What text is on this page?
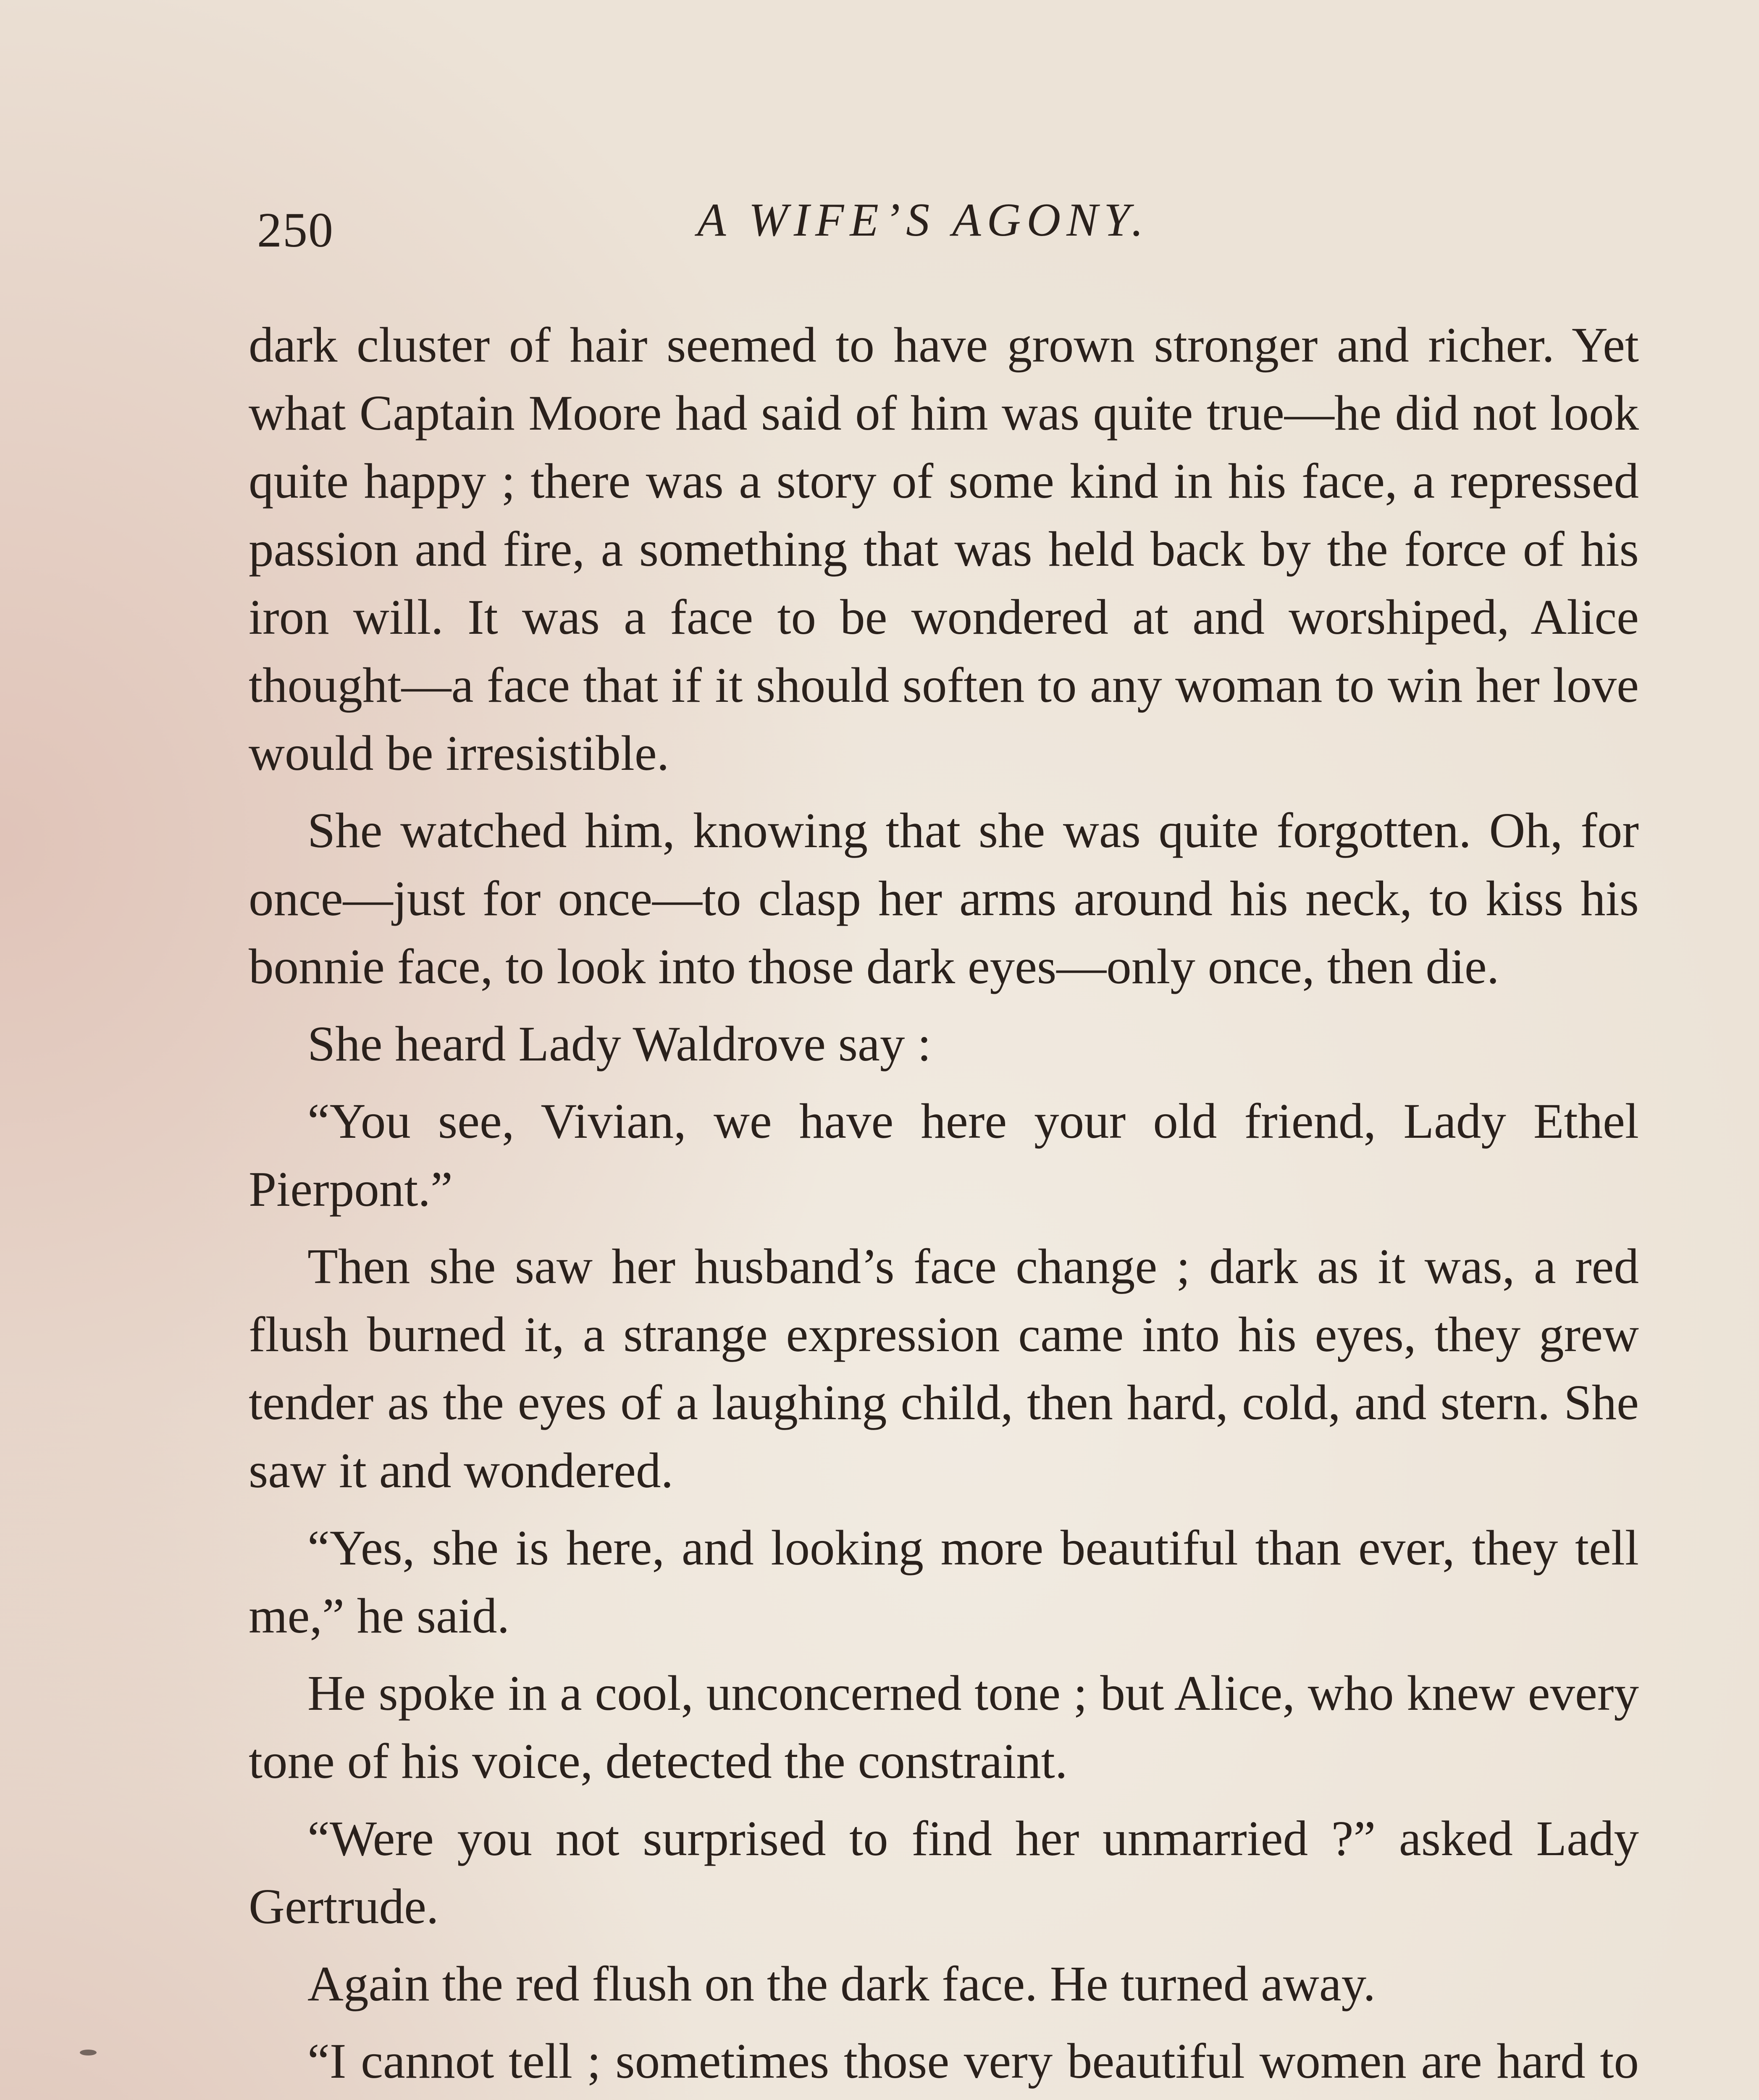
250	A WIFE’S AGONY.

dark cluster of hair seemed to have grown stronger and richer. Yet what Captain Moore had said of him was quite true—he did not look quite happy ; there was a story of some kind in his face, a repressed passion and fire, a something that was held back by the force of his iron will. It was a face to be wondered at and worshiped, Alice thought—a face that if it should soften to any woman to win her love would be irresistible.

She watched him, knowing that she was quite forgotten. Oh, for once—just for once—to clasp her arms around his neck, to kiss his bonnie face, to look into those dark eyes—only once, then die.

She heard Lady Waldrove say :

“You see, Vivian, we have here your old friend, Lady Ethel Pierpont.”

Then she saw her husband’s face change ; dark as it was, a red flush burned it, a strange expression came into his eyes, they grew tender as the eyes of a laughing child, then hard, cold, and stern. She saw it and wondered.

“Yes, she is here, and looking more beautiful than ever, they tell me,” he said.

He spoke in a cool, unconcerned tone ; but Alice, who knew every tone of his voice, detected the constraint.

“Were you not surprised to find her unmarried ?” asked Lady Gertrude.

Again the red flush on the dark face. He turned away.

“I cannot tell ; sometimes those very beautiful women are hard to
